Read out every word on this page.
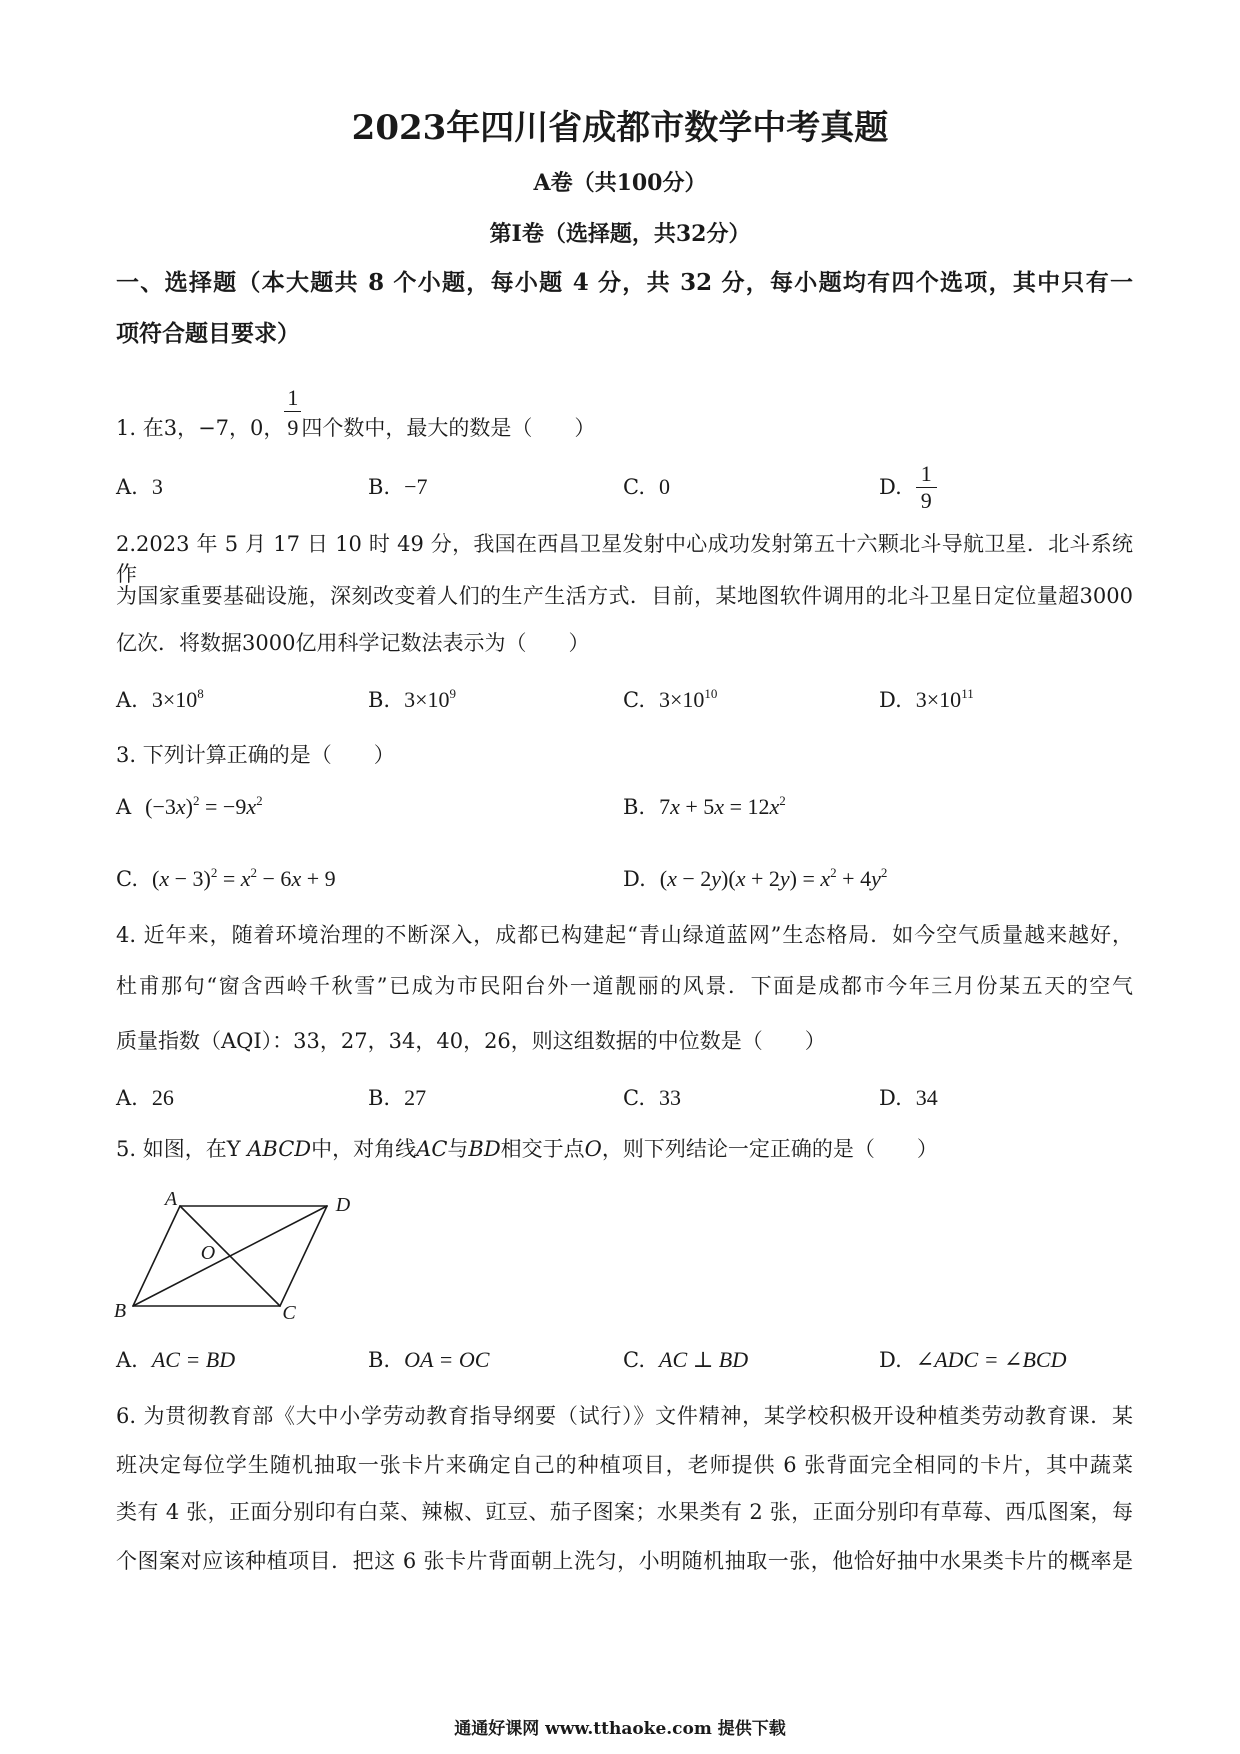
2023年四川省成都市数学中考真题
A卷（共100分）
第I卷（选择题，共32分）
一、选择题（本大题共 8 个小题，每小题 4 分，共 32 分，每小题均有四个选项，其中只有一
项符合题目要求）
1. 在3，−7，0， $\frac{1}{9}$四个数中，最大的数是（　　）
A. 3	B. −7	C. 0	D. $\frac{1}{9}$
2.2023 年 5 月 17 日 10 时 49 分，我国在西昌卫星发射中心成功发射第五十六颗北斗导航卫星．北斗系统作
为国家重要基础设施，深刻改变着人们的生产生活方式．目前，某地图软件调用的北斗卫星日定位量超3000
亿次．将数据3000亿用科学记数法表示为（　　）
A. $3\times 10^8$	B. $3\times 10^9$	C. $3\times 10^{10}$	D. $3\times 10^{11}$
3. 下列计算正确的是（　　）
A $(-3x)^2 = -9x^2$	B. $7x + 5x = 12x^2$
C. $(x - 3)^2 = x^2 - 6x + 9$	D. $(x - 2y)(x + 2y) = x^2 + 4y^2$
4. 近年来，随着环境治理的不断深入，成都已构建起“青山绿道蓝网”生态格局．如今空气质量越来越好，
杜甫那句“窗含西岭千秋雪”已成为市民阳台外一道靓丽的风景．下面是成都市今年三月份某五天的空气
质量指数（AQI）：33，27，34，40，26，则这组数据的中位数是（　　）
A. 26	B. 27	C. 33	D. 34
5. 如图，在Y ABCD中，对角线AC与BD相交于点O，则下列结论一定正确的是（　　）
A	D
O
B	C
A. AC = BD	B. OA = OC	C. AC ⊥ BD	D. ∠ADC = ∠BCD
6. 为贯彻教育部《大中小学劳动教育指导纲要（试行）》文件精神，某学校积极开设种植类劳动教育课．某
班决定每位学生随机抽取一张卡片来确定自己的种植项目，老师提供 6 张背面完全相同的卡片，其中蔬菜
类有 4 张，正面分别印有白菜、辣椒、豇豆、茄子图案；水果类有 2 张，正面分别印有草莓、西瓜图案，每
个图案对应该种植项目．把这 6 张卡片背面朝上洗匀，小明随机抽取一张，他恰好抽中水果类卡片的概率是
通通好课网 www.tthaoke.com 提供下载
